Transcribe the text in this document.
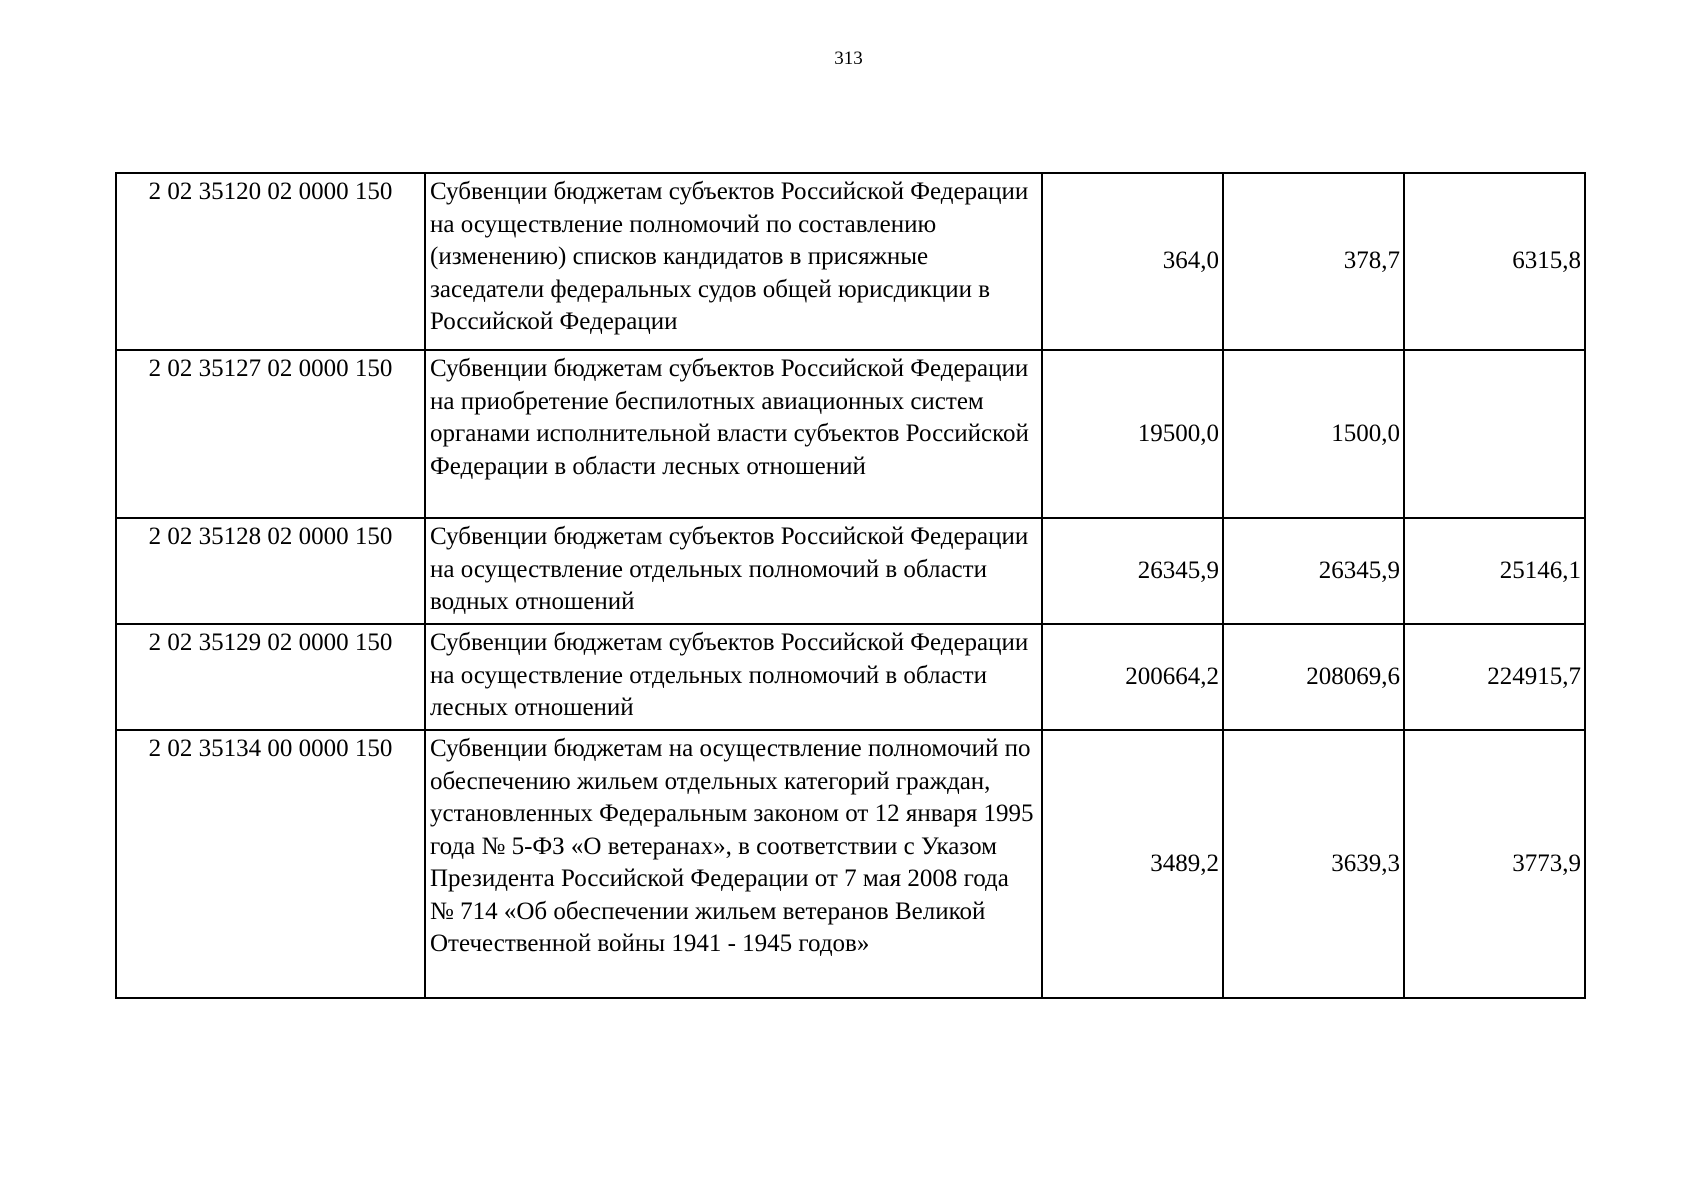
313
2 02 35120 02 0000 150	Субвенции бюджетам субъектов Российской Федерации на осуществление полномочий по составлению (изменению) списков кандидатов в присяжные заседатели федеральных судов общей юрисдикции в Российской Федерации	364,0	378,7	6315,8
2 02 35127 02 0000 150	Субвенции бюджетам субъектов Российской Федерации на приобретение беспилотных авиационных систем органами исполнительной власти субъектов Российской Федерации в области лесных отношений	19500,0	1500,0	
2 02 35128 02 0000 150	Субвенции бюджетам субъектов Российской Федерации на осуществление отдельных полномочий в области водных отношений	26345,9	26345,9	25146,1
2 02 35129 02 0000 150	Субвенции бюджетам субъектов Российской Федерации на осуществление отдельных полномочий в области лесных отношений	200664,2	208069,6	224915,7
2 02 35134 00 0000 150	Субвенции бюджетам на осуществление полномочий по обеспечению жильем отдельных категорий граждан, установленных Федеральным законом от 12 января 1995 года № 5-ФЗ «О ветеранах», в соответствии с Указом Президента Российской Федерации от 7 мая 2008 года № 714 «Об обеспечении жильем ветеранов Великой Отечественной войны 1941 - 1945 годов»	3489,2	3639,3	3773,9
